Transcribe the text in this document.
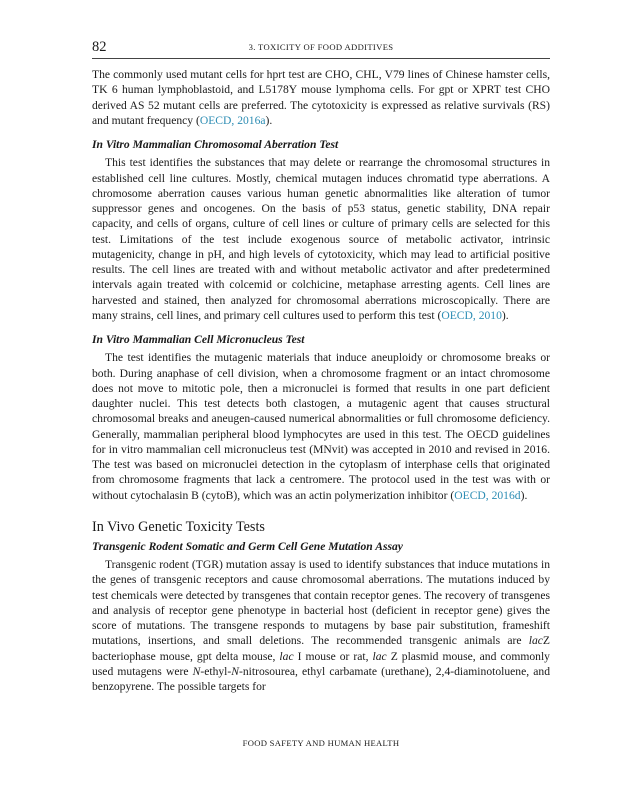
82	3. TOXICITY OF FOOD ADDITIVES

The commonly used mutant cells for hprt test are CHO, CHL, V79 lines of Chinese hamster cells, TK 6 human lymphoblastoid, and L5178Y mouse lymphoma cells. For gpt or XPRT test CHO derived AS 52 mutant cells are preferred. The cytotoxicity is expressed as relative survivals (RS) and mutant frequency (OECD, 2016a).

In Vitro Mammalian Chromosomal Aberration Test

This test identifies the substances that may delete or rearrange the chromosomal structures in established cell line cultures. Mostly, chemical mutagen induces chromatid type aberrations. A chromosome aberration causes various human genetic abnormalities like alteration of tumor suppressor genes and oncogenes. On the basis of p53 status, genetic stability, DNA repair capacity, and cells of organs, culture of cell lines or culture of primary cells are selected for this test. Limitations of the test include exogenous source of metabolic activator, intrinsic mutagenicity, change in pH, and high levels of cytotoxicity, which may lead to artificial positive results. The cell lines are treated with and without metabolic activator and after predetermined intervals again treated with colcemid or colchicine, metaphase arresting agents. Cell lines are harvested and stained, then analyzed for chromosomal aberrations microscopically. There are many strains, cell lines, and primary cell cultures used to perform this test (OECD, 2010).

In Vitro Mammalian Cell Micronucleus Test

The test identifies the mutagenic materials that induce aneuploidy or chromosome breaks or both. During anaphase of cell division, when a chromosome fragment or an intact chromosome does not move to mitotic pole, then a micronuclei is formed that results in one part deficient daughter nuclei. This test detects both clastogen, a mutagenic agent that causes structural chromosomal breaks and aneugen-caused numerical abnormalities or full chromosome deficiency. Generally, mammalian peripheral blood lymphocytes are used in this test. The OECD guidelines for in vitro mammalian cell micronucleus test (MNvit) was accepted in 2010 and revised in 2016. The test was based on micronuclei detection in the cytoplasm of interphase cells that originated from chromosome fragments that lack a centromere. The protocol used in the test was with or without cytochalasin B (cytoB), which was an actin polymerization inhibitor (OECD, 2016d).

In Vivo Genetic Toxicity Tests
Transgenic Rodent Somatic and Germ Cell Gene Mutation Assay

Transgenic rodent (TGR) mutation assay is used to identify substances that induce mutations in the genes of transgenic receptors and cause chromosomal aberrations. The mutations induced by test chemicals were detected by transgenes that contain receptor genes. The recovery of transgenes and analysis of receptor gene phenotype in bacterial host (deficient in receptor gene) gives the score of mutations. The transgene responds to mutagens by base pair substitution, frameshift mutations, insertions, and small deletions. The recommended transgenic animals are lacZ bacteriophase mouse, gpt delta mouse, lac I mouse or rat, lac Z plasmid mouse, and commonly used mutagens were N-ethyl-N-nitrosourea, ethyl carbamate (urethane), 2,4-diaminotoluene, and benzopyrene. The possible targets for

FOOD SAFETY AND HUMAN HEALTH
